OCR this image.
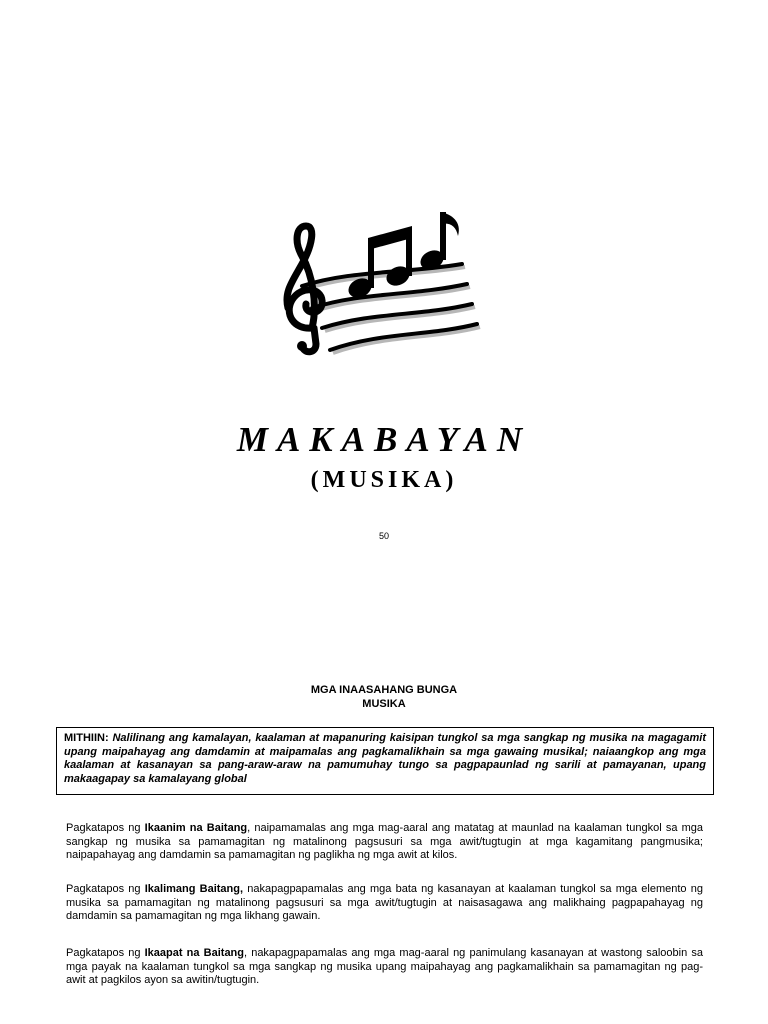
MAKABAYAN
(MUSIKA)
50
MGA INAASAHANG BUNGA
MUSIKA
MITHIIN: Nalilinang ang kamalayan, kaalaman at mapanuring kaisipan tungkol sa mga sangkap ng musika na magagamit upang maipahayag ang damdamin at maipamalas ang pagkamalikhain sa mga gawaing musikal; naiaangkop ang mga kaalaman at kasanayan sa pang-araw-araw na pamumuhay tungo sa pagpapaunlad ng sarili at pamayanan, upang makaagapay sa kamalayang global

Pagkatapos ng Ikaanim na Baitang, naipamamalas ang mga mag-aaral ang matatag at maunlad na kaalaman tungkol sa mga sangkap ng musika sa pamamagitan ng matalinong pagsusuri sa mga awit/tugtugin at mga kagamitang pangmusika; naipapahayag ang damdamin sa pamamagitan ng paglikha ng mga awit at kilos.

Pagkatapos ng Ikalimang Baitang, nakapagpapamalas ang mga bata ng kasanayan at kaalaman tungkol sa mga elemento ng musika sa pamamagitan ng matalinong pagsusuri sa mga awit/tugtugin at naisasagawa ang malikhaing pagpapahayag ng damdamin sa pamamagitan ng mga likhang gawain.

Pagkatapos ng Ikaapat na Baitang, nakapagpapamalas ang mga mag-aaral ng panimulang kasanayan at wastong saloobin sa mga payak na kaalaman tungkol sa mga sangkap ng musika upang maipahayag ang pagkamalikhain sa pamamagitan ng pag-awit at pagkilos ayon sa awitin/tugtugin.
